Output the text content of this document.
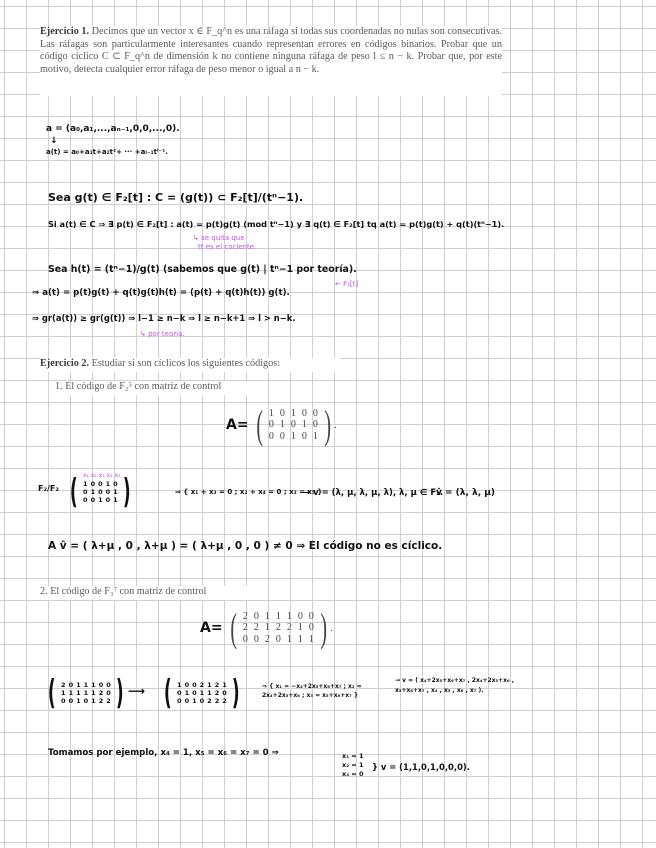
Ejercicio 1. Decimos que un vector x ∈ F_q^n es una ráfaga si todas sus coordenadas no nulas son consecutivas. Las ráfagas son particularmente interesantes cuando representan errores en códigos binarios. Probar que un código cíclico C ⊂ F_q^n de dimensión k no contiene ninguna ráfaga de peso l ≤ n − k. Probar que, por este motivo, detecta cualquier error ráfaga de peso menor o igual a n − k.
a = (a₀,a₁,...,aₙ₋₁,0,0,...,0).
↓
a(t) = a₀+a₁t+a₂t²+ ··· +aₗ₋₁tˡ⁻¹.
Sea g(t) ∈ F₂[t] : C = (g(t)) ⊂ F₂[t]/(tⁿ−1).
Si a(t) ∈ C ⇒ ∃ p(t) ∈ F₂[t] : a(t) = p(t)g(t) (mod tⁿ−1) y ∃ q(t) ∈ F₂[t] tq a(t) = p(t)g(t) + q(t)(tⁿ−1).
↳ se quita que
tt es el cociente
Sea h(t) = (tⁿ−1)/g(t) (sabemos que g(t) | tⁿ−1 por teoría).
⇒ a(t) = p(t)g(t) + q(t)g(t)h(t) = (p(t) + q(t)h(t)) g(t).
← F₂[t]
⇒ gr(a(t)) ≥ gr(g(t)) ⇒ l−1 ≥ n−k ⇒ l ≥ n−k+1 ⇒ l > n−k.
↳ por teoría.
Ejercicio 2. Estudiar si son cíclicos los siguientes códigos:
1. El código de F₂⁵ con matriz de control
A= ( 1	0	1	0	0
0	1	0	1	0
0	0	1	0	1 ) .
F₂/F₂
x₁ x₂ x₃ x₄ x₅
( 1	0	0	1	0
0	1	0	0	1
0	0	1	0	1 )	⇒ { x₁ + x₃ = 0 ; x₂ + x₄ = 0 ; x₃ = x₅ }
→ v = (λ, μ, λ, μ, λ), λ, μ ∈ F₂.
v̂ = (λ, λ, μ)
A v̂ = ( λ+μ , 0 , λ+μ ) = ( λ+μ , 0 , 0 ) ≠ 0 ⇒ El código no es cíclico.
2. El código de F₃⁷ con matriz de control
A= ( 2	0	1	1	1	0	0
2	2	1	2	2	1	0
0	0	2	0	1	1	1 ) .
( 2	0	1	1	1	0	0
1	1	1	1	1	2	0
0	0	1	0	1	2	2 ) ⟶ ( 1	0	0	2	1	2	1
0	1	0	1	1	2	0
0	0	1	0	2	2	2 )	⇒ { x₁ = −x₄+2x₅+x₆+x₇ ; x₂ = 2x₄+2x₅+x₆ ; x₃ = x₅+x₆+x₇ }
→ v = ( x₄+2x₅+x₆+x₇ , 2x₄+2x₅+x₆ , x₅+x₆+x₇ , x₄ , x₅ , x₆ , x₇ ).
Tomamos por ejemplo, x₄ = 1, x₅ = x₆ = x₇ = 0 ⇒	x₁ = 1
x₂ = 1
x₃ = 0
} v = (1,1,0,1,0,0,0).
